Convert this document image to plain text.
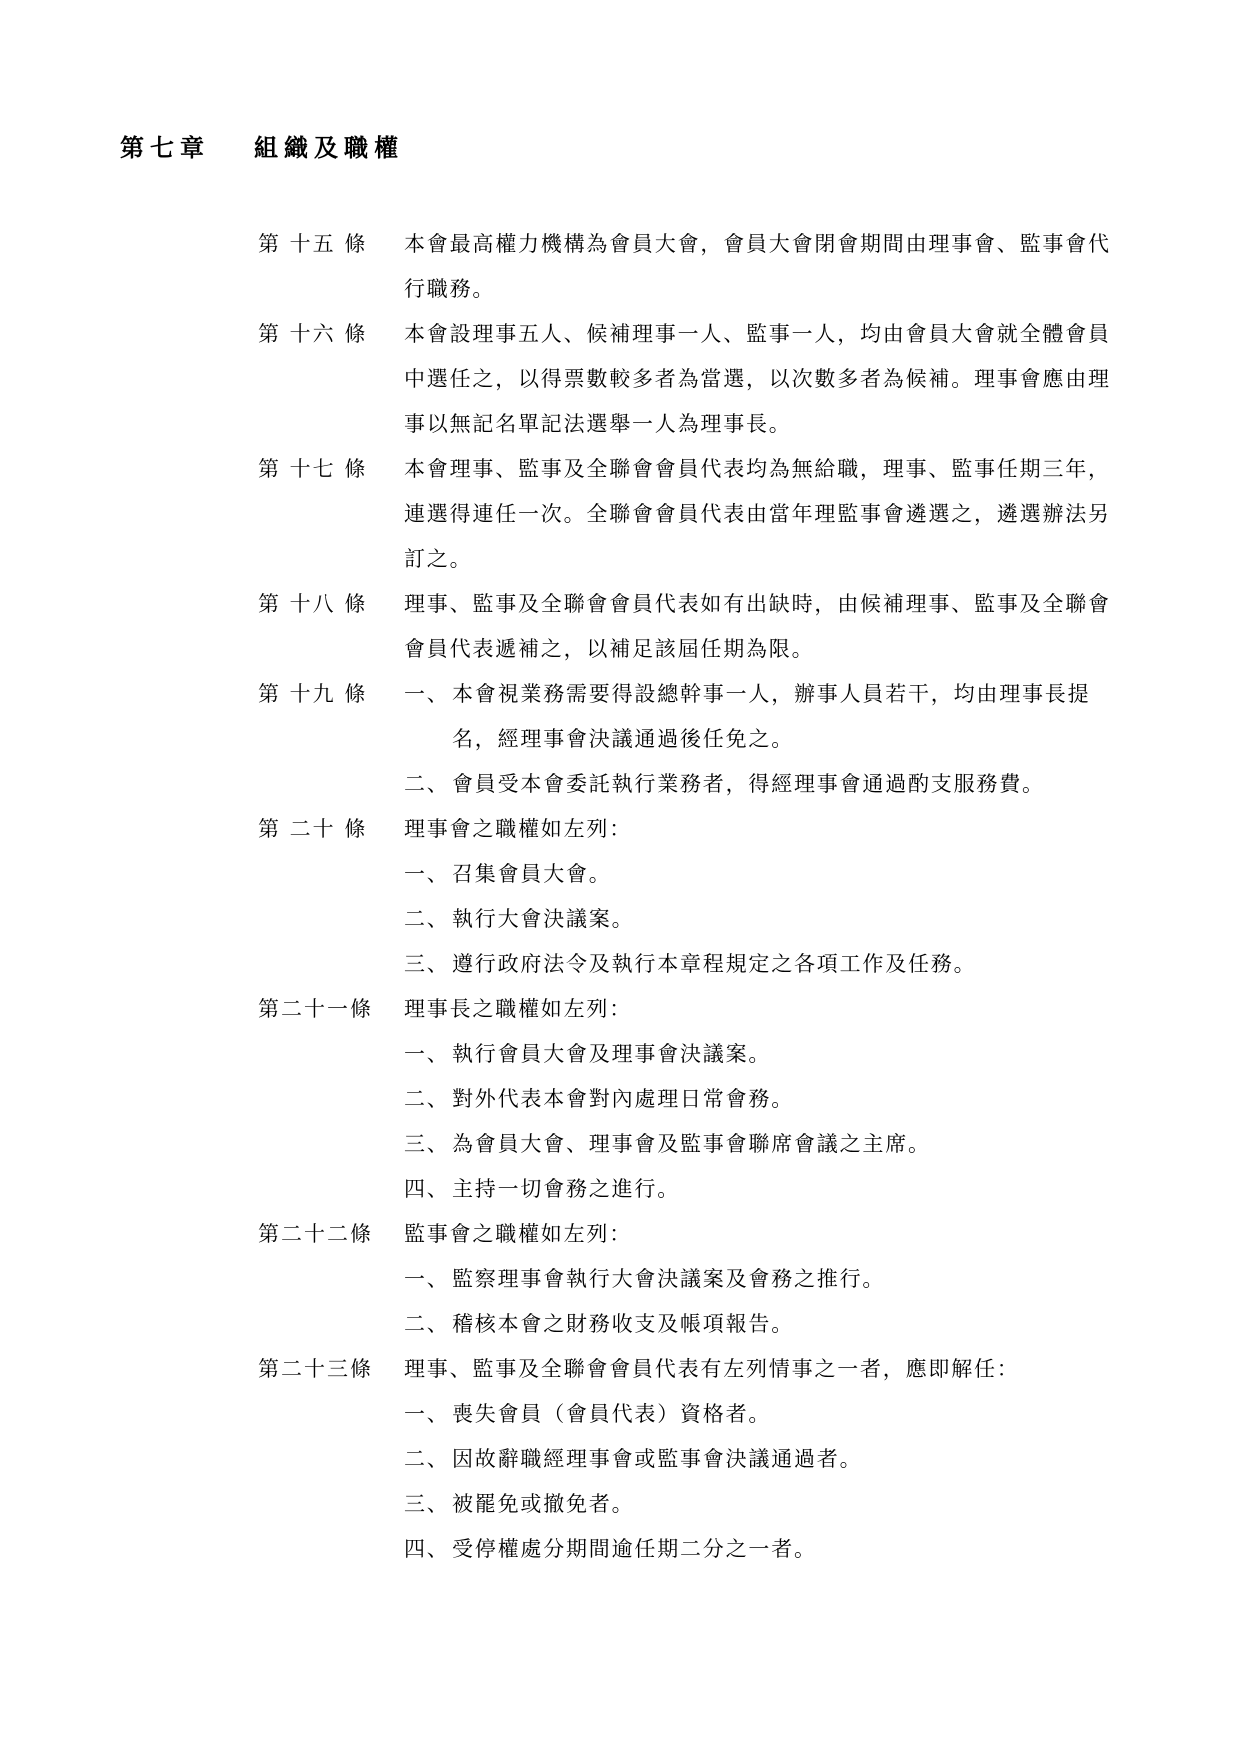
第七章	組織及職權
第 十五 條	本會最高權力機構為會員大會，會員大會閉會期間由理事會、監事會代行職務。

第 十六 條	本會設理事五人、候補理事一人、監事一人，均由會員大會就全體會員中選任之，以得票數較多者為當選，以次數多者為候補。理事會應由理事以無記名單記法選舉一人為理事長。

第 十七 條	本會理事、監事及全聯會會員代表均為無給職，理事、監事任期三年，連選得連任一次。全聯會會員代表由當年理監事會遴選之，遴選辦法另訂之。

第 十八 條	理事、監事及全聯會會員代表如有出缺時，由候補理事、監事及全聯會會員代表遞補之，以補足該屆任期為限。

第 十九 條	一、 本會視業務需要得設總幹事一人，辦事人員若干，均由理事長提名，經理事會決議通過後任免之。
二、 會員受本會委託執行業務者，得經理事會通過酌支服務費。
第 二十 條	理事會之職權如左列：

一、 召集會員大會。
二、 執行大會決議案。
三、 遵行政府法令及執行本章程規定之各項工作及任務。
第二十一條	理事長之職權如左列：

一、 執行會員大會及理事會決議案。
二、 對外代表本會對內處理日常會務。
三、 為會員大會、理事會及監事會聯席會議之主席。
四、 主持一切會務之進行。
第二十二條	監事會之職權如左列：

一、 監察理事會執行大會決議案及會務之推行。
二、 稽核本會之財務收支及帳項報告。
第二十三條	理事、監事及全聯會會員代表有左列情事之一者，應即解任：

一、 喪失會員（會員代表）資格者。
二、 因故辭職經理事會或監事會決議通過者。
三、 被罷免或撤免者。
四、 受停權處分期間逾任期二分之一者。
